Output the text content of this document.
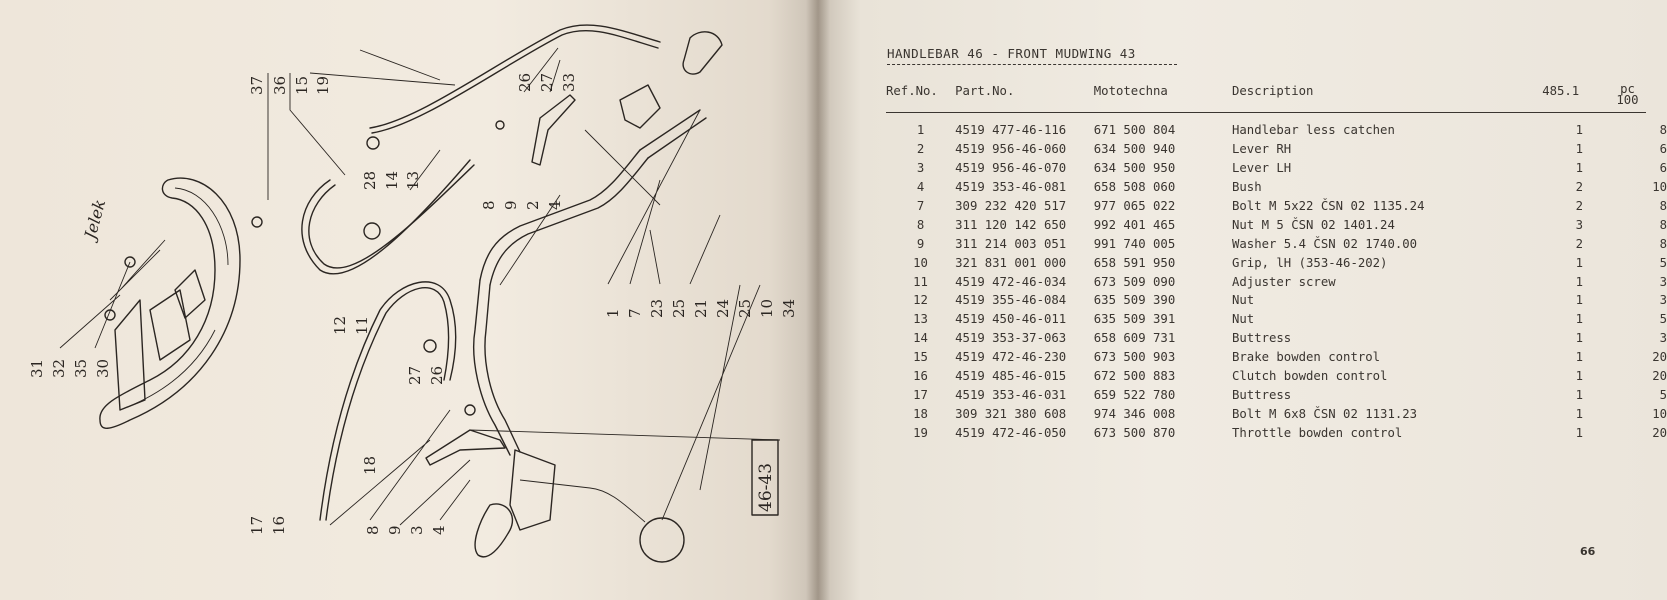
37 36 15 19	26 27 33
28 14 13
8 9 2 4
12 11
27 26
1 7 23 25 21 24 25 10 34
30
35
32
31
18
17 16	8 9 3 4
46-43
Jelek
HANDLEBAR 46 - FRONT MUDWING 43
Ref.No.	Part.No.	Mototechna	Description	485.1	pc
100
1	4519 477-46-116	671 500 804	Handlebar less catchen	1	8
2	4519 956-46-060	634 500 940	Lever RH	1	6
3	4519 956-46-070	634 500 950	Lever LH	1	6
4	4519 353-46-081	658 508 060	Bush	2	10
7	309 232 420 517	977 065 022	Bolt M 5x22 ČSN 02 1135.24	2	8
8	311 120 142 650	992 401 465	Nut M 5 ČSN 02 1401.24	3	8
9	311 214 003 051	991 740 005	Washer 5.4 ČSN 02 1740.00	2	8
10	321 831 001 000	658 591 950	Grip, lH (353-46-202)	1	5
11	4519 472-46-034	673 509 090	Adjuster screw	1	3
12	4519 355-46-084	635 509 390	Nut	1	3
13	4519 450-46-011	635 509 391	Nut	1	5
14	4519 353-37-063	658 609 731	Buttress	1	3
15	4519 472-46-230	673 500 903	Brake bowden control	1	20
16	4519 485-46-015	672 500 883	Clutch bowden control	1	20
17	4519 353-46-031	659 522 780	Buttress	1	5
18	309 321 380 608	974 346 008	Bolt M 6x8 ČSN 02 1131.23	1	10
19	4519 472-46-050	673 500 870	Throttle bowden control	1	20
66
